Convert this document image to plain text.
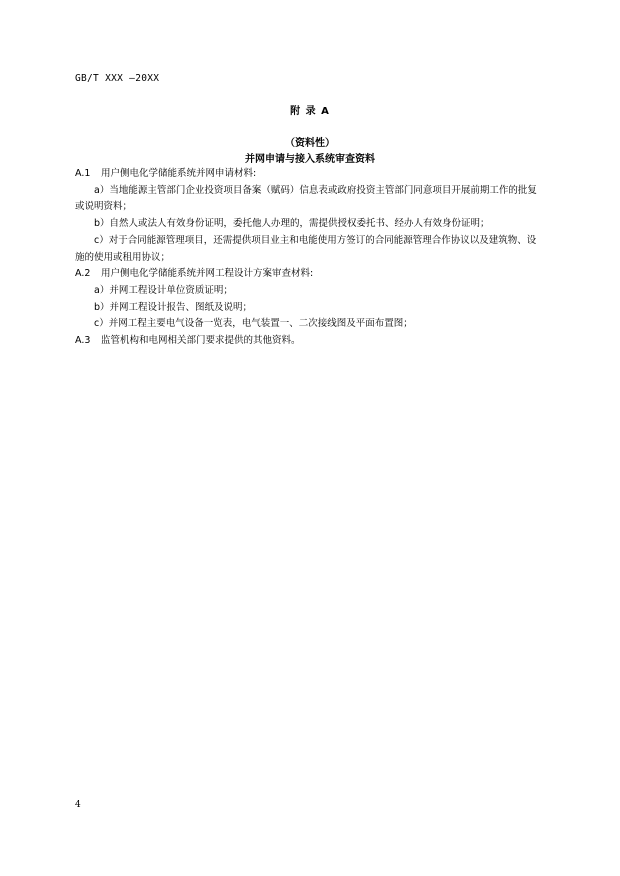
GB/T XXX —20XX
附 录 A
（资料性）
并网申请与接入系统审查资料

A.1 用户侧电化学储能系统并网申请材料:

a）当地能源主管部门企业投资项目备案（赋码）信息表或政府投资主管部门同意项目开展前期工作的批复或说明资料；

b）自然人或法人有效身份证明，委托他人办理的，需提供授权委托书、经办人有效身份证明；

c）对于合同能源管理项目，还需提供项目业主和电能使用方签订的合同能源管理合作协议以及建筑物、设施的使用或租用协议；

A.2 用户侧电化学储能系统并网工程设计方案审查材料:

a）并网工程设计单位资质证明；

b）并网工程设计报告、图纸及说明；

c）并网工程主要电气设备一览表，电气装置一、二次接线图及平面布置图；

A.3 监管机构和电网相关部门要求提供的其他资料。

4
